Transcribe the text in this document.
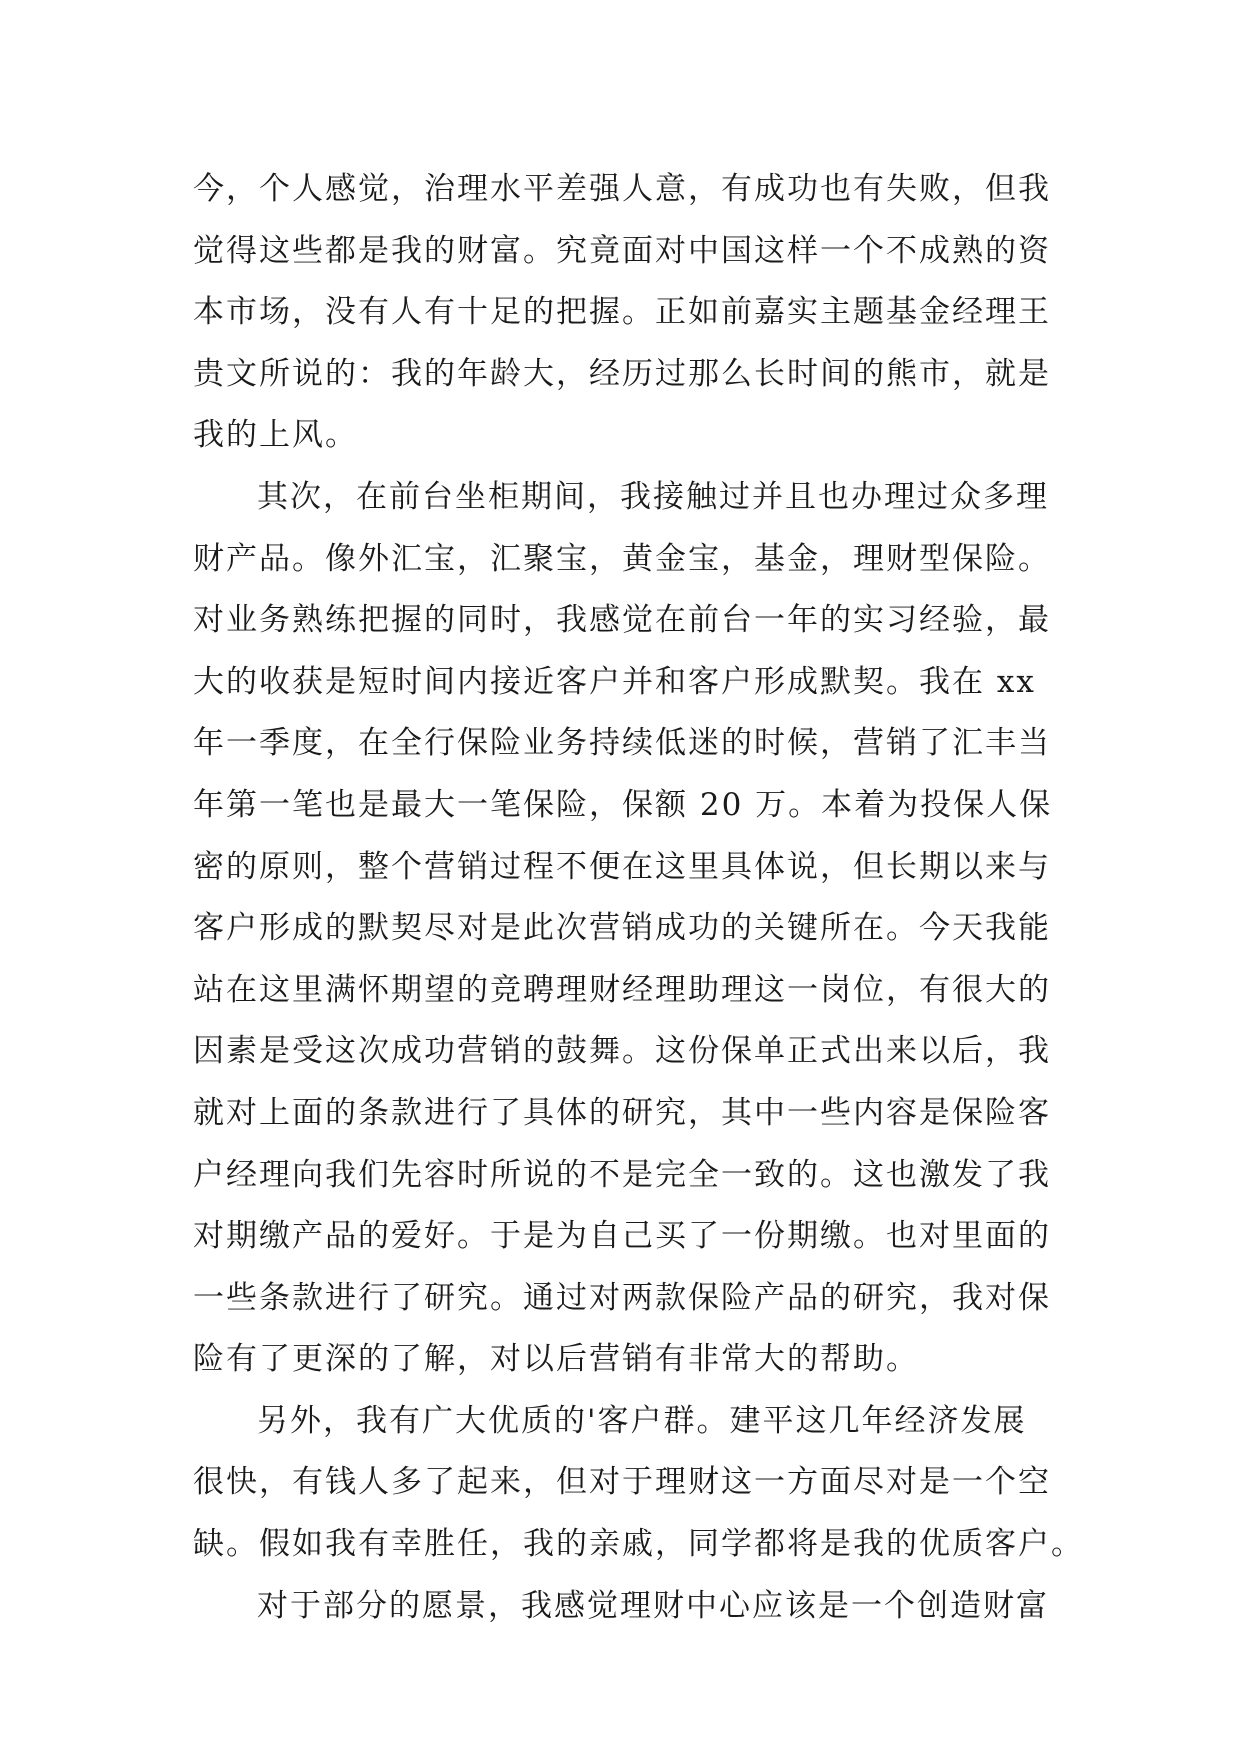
今，个人感觉，治理水平差强人意，有成功也有失败，但我
觉得这些都是我的财富。究竟面对中国这样一个不成熟的资
本市场，没有人有十足的把握。正如前嘉实主题基金经理王
贵文所说的：我的年龄大，经历过那么长时间的熊市，就是
我的上风。
其次，在前台坐柜期间，我接触过并且也办理过众多理
财产品。像外汇宝，汇聚宝，黄金宝，基金，理财型保险。
对业务熟练把握的同时，我感觉在前台一年的实习经验，最
大的收获是短时间内接近客户并和客户形成默契。我在 xx
年一季度，在全行保险业务持续低迷的时候，营销了汇丰当
年第一笔也是最大一笔保险，保额 20 万。本着为投保人保
密的原则，整个营销过程不便在这里具体说，但长期以来与
客户形成的默契尽对是此次营销成功的关键所在。今天我能
站在这里满怀期望的竞聘理财经理助理这一岗位，有很大的
因素是受这次成功营销的鼓舞。这份保单正式出来以后，我
就对上面的条款进行了具体的研究，其中一些内容是保险客
户经理向我们先容时所说的不是完全一致的。这也激发了我
对期缴产品的爱好。于是为自己买了一份期缴。也对里面的
一些条款进行了研究。通过对两款保险产品的研究，我对保
险有了更深的了解，对以后营销有非常大的帮助。
另外，我有广大优质的'客户群。建平这几年经济发展
很快，有钱人多了起来，但对于理财这一方面尽对是一个空
缺。假如我有幸胜任，我的亲戚，同学都将是我的优质客户。
对于部分的愿景，我感觉理财中心应该是一个创造财富
